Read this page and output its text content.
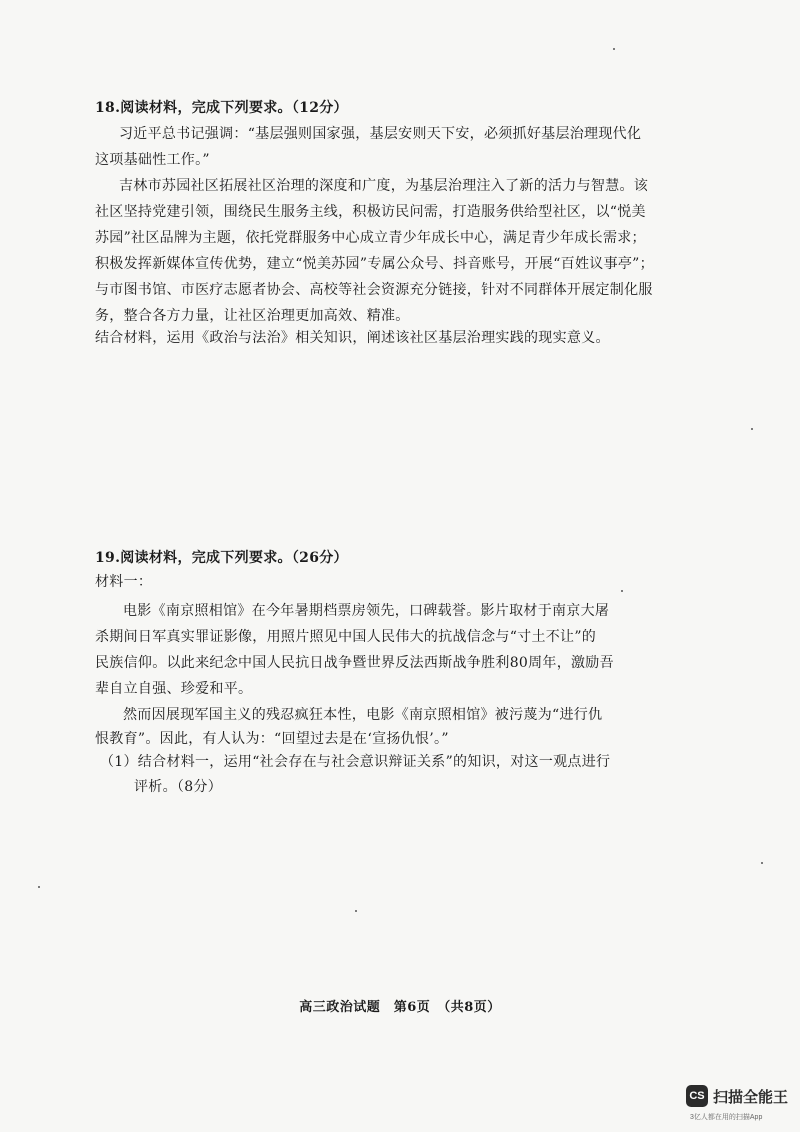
18.阅读材料，完成下列要求。（12分）
习近平总书记强调：“基层强则国家强，基层安则天下安，必须抓好基层治理现代化
这项基础性工作。”
吉林市苏园社区拓展社区治理的深度和广度，为基层治理注入了新的活力与智慧。该
社区坚持党建引领，围绕民生服务主线，积极访民问需，打造服务供给型社区，以“悦美
苏园”社区品牌为主题，依托党群服务中心成立青少年成长中心，满足青少年成长需求；
积极发挥新媒体宣传优势，建立“悦美苏园”专属公众号、抖音账号，开展“百姓议事亭”；
与市图书馆、市医疗志愿者协会、高校等社会资源充分链接，针对不同群体开展定制化服
务，整合各方力量，让社区治理更加高效、精准。
结合材料，运用《政治与法治》相关知识，阐述该社区基层治理实践的现实意义。
19.阅读材料，完成下列要求。（26分）
材料一：
电影《南京照相馆》在今年暑期档票房领先，口碑载誉。影片取材于南京大屠
杀期间日军真实罪证影像，用照片照见中国人民伟大的抗战信念与“寸土不让”的
民族信仰。以此来纪念中国人民抗日战争暨世界反法西斯战争胜利80周年，激励吾
辈自立自强、珍爱和平。
然而因展现军国主义的残忍疯狂本性，电影《南京照相馆》被污蔑为“进行仇
恨教育”。因此，有人认为：“回望过去是在‘宣扬仇恨’。”
（1）结合材料一，运用“社会存在与社会意识辩证关系”的知识，对这一观点进行
评析。（8分）
高三政治试题　第6页　（共8页）
CS 扫描全能王
3亿人都在用的扫描App
